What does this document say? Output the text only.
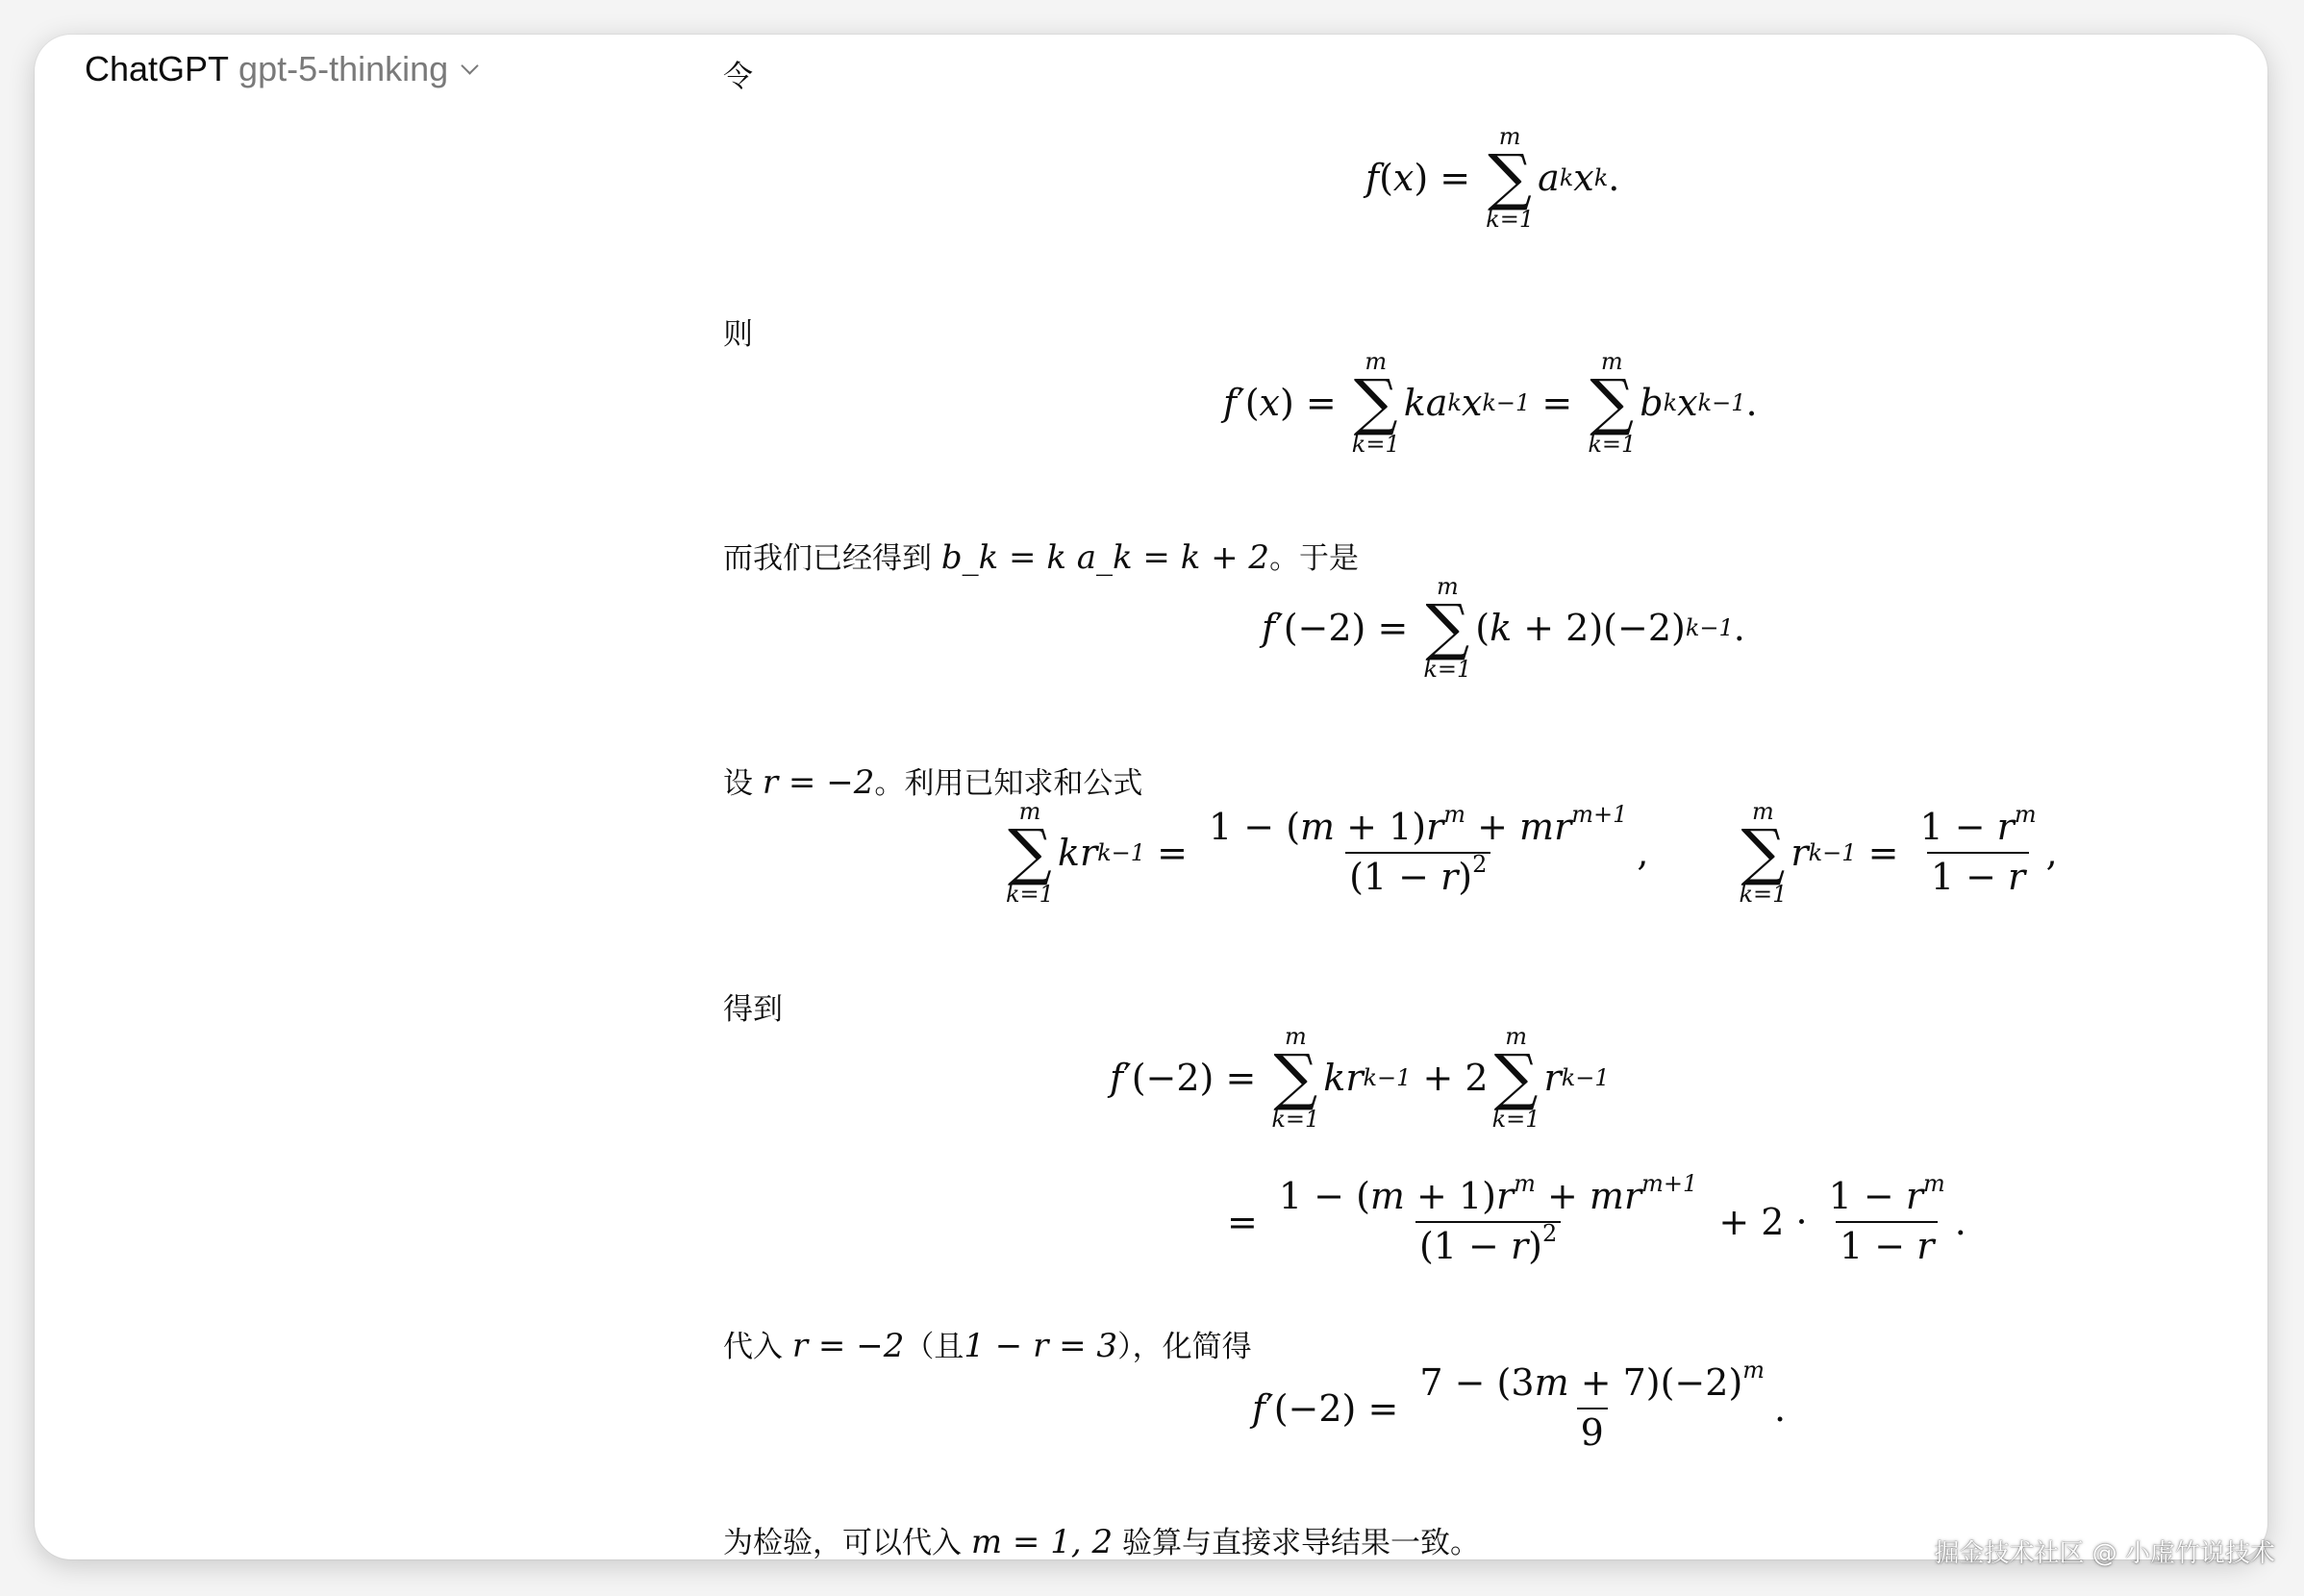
ChatGPT gpt-5-thinking	令
f ( x ) =
m
∑
k=1
a k x k .
则
f ′( x ) =
m
∑
k=1
ka k x k−1 =
m
∑
k=1
b k x k−1 .
而我们已经得到 b_k = k a_k = k + 2。于是
f ′(−2) =
m
∑
k=1
( k + 2)(−2) k−1 .
设 r = −2。利用已知求和公式
m
∑
k=1
kr $k-1 = \frac{1 - (m + 1)r^m + mr^{m+1}}{(1 - r)^2}$ ,
m
∑
k=1
r $k-1 = \frac{1 - r^m}{1 - r}$ ,
得到
f ′(−2) =
m
∑
k=1
kr k−1 + 2
m
∑
k=1
r k−1
= $\frac{1 - (m + 1)r^m + mr^{m+1}}{(1 - r)^2} + 2 \cdot \frac{1 - r^m}{1 - r}$ .
代入 r = −2（且1 − r = 3），化简得
f $'(-2) = \frac{7 - (3m + 7)(-2)^m}{9}$ .
为检验，可以代入 m = 1, 2 验算与直接求导结果一致。	掘金技术社区 @ 小虚竹说技术
